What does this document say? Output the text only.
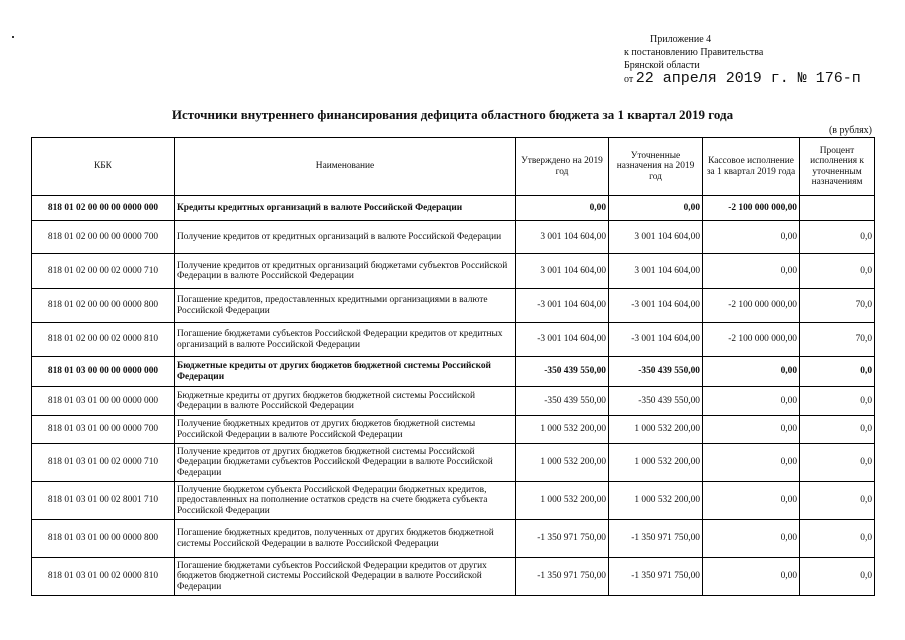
Приложение 4
к постановлению Правительства
Брянской области
от 22 апреля 2019 г. № 176-п
Источники внутреннего финансирования дефицита областного бюджета за 1 квартал 2019 года
(в рублях)
КБК	Наименование	Утверждено на 2019 год	Уточненные назначения на 2019 год	Кассовое исполнение за 1 квартал 2019 года	Процент исполнения к уточненным назначениям
818 01 02 00 00 00 0000 000	Кредиты кредитных организаций в валюте Российской Федерации	0,00	0,00	-2 100 000 000,00	
818 01 02 00 00 00 0000 700	Получение кредитов от кредитных организаций в валюте Российской Федерации	3 001 104 604,00	3 001 104 604,00	0,00	0,0
818 01 02 00 00 02 0000 710	Получение кредитов от кредитных организаций бюджетами субъектов Российской Федерации в валюте Российской Федерации	3 001 104 604,00	3 001 104 604,00	0,00	0,0
818 01 02 00 00 00 0000 800	Погашение кредитов, предоставленных кредитными организациями в валюте Российской Федерации	-3 001 104 604,00	-3 001 104 604,00	-2 100 000 000,00	70,0
818 01 02 00 00 02 0000 810	Погашение бюджетами субъектов Российской Федерации кредитов от кредитных организаций в валюте Российской Федерации	-3 001 104 604,00	-3 001 104 604,00	-2 100 000 000,00	70,0
818 01 03 00 00 00 0000 000	Бюджетные кредиты от других бюджетов бюджетной системы Российской Федерации	-350 439 550,00	-350 439 550,00	0,00	0,0
818 01 03 01 00 00 0000 000	Бюджетные кредиты от других бюджетов бюджетной системы Российской Федерации в валюте Российской Федерации	-350 439 550,00	-350 439 550,00	0,00	0,0
818 01 03 01 00 00 0000 700	Получение бюджетных кредитов от других бюджетов бюджетной системы Российской Федерации в валюте Российской Федерации	1 000 532 200,00	1 000 532 200,00	0,00	0,0
818 01 03 01 00 02 0000 710	Получение кредитов от других бюджетов бюджетной системы Российской Федерации бюджетами субъектов Российской Федерации в валюте Российской Федерации	1 000 532 200,00	1 000 532 200,00	0,00	0,0
818 01 03 01 00 02 8001 710	Получение бюджетом субъекта Российской Федерации бюджетных кредитов, предоставленных на пополнение остатков средств на счете бюджета субъекта Российской Федерации	1 000 532 200,00	1 000 532 200,00	0,00	0,0
818 01 03 01 00 00 0000 800	Погашение бюджетных кредитов, полученных от других бюджетов бюджетной системы Российской Федерации в валюте Российской Федерации	-1 350 971 750,00	-1 350 971 750,00	0,00	0,0
818 01 03 01 00 02 0000 810	Погашение бюджетами субъектов Российской Федерации кредитов от других бюджетов бюджетной системы Российской Федерации в валюте Российской Федерации	-1 350 971 750,00	-1 350 971 750,00	0,00	0,0
